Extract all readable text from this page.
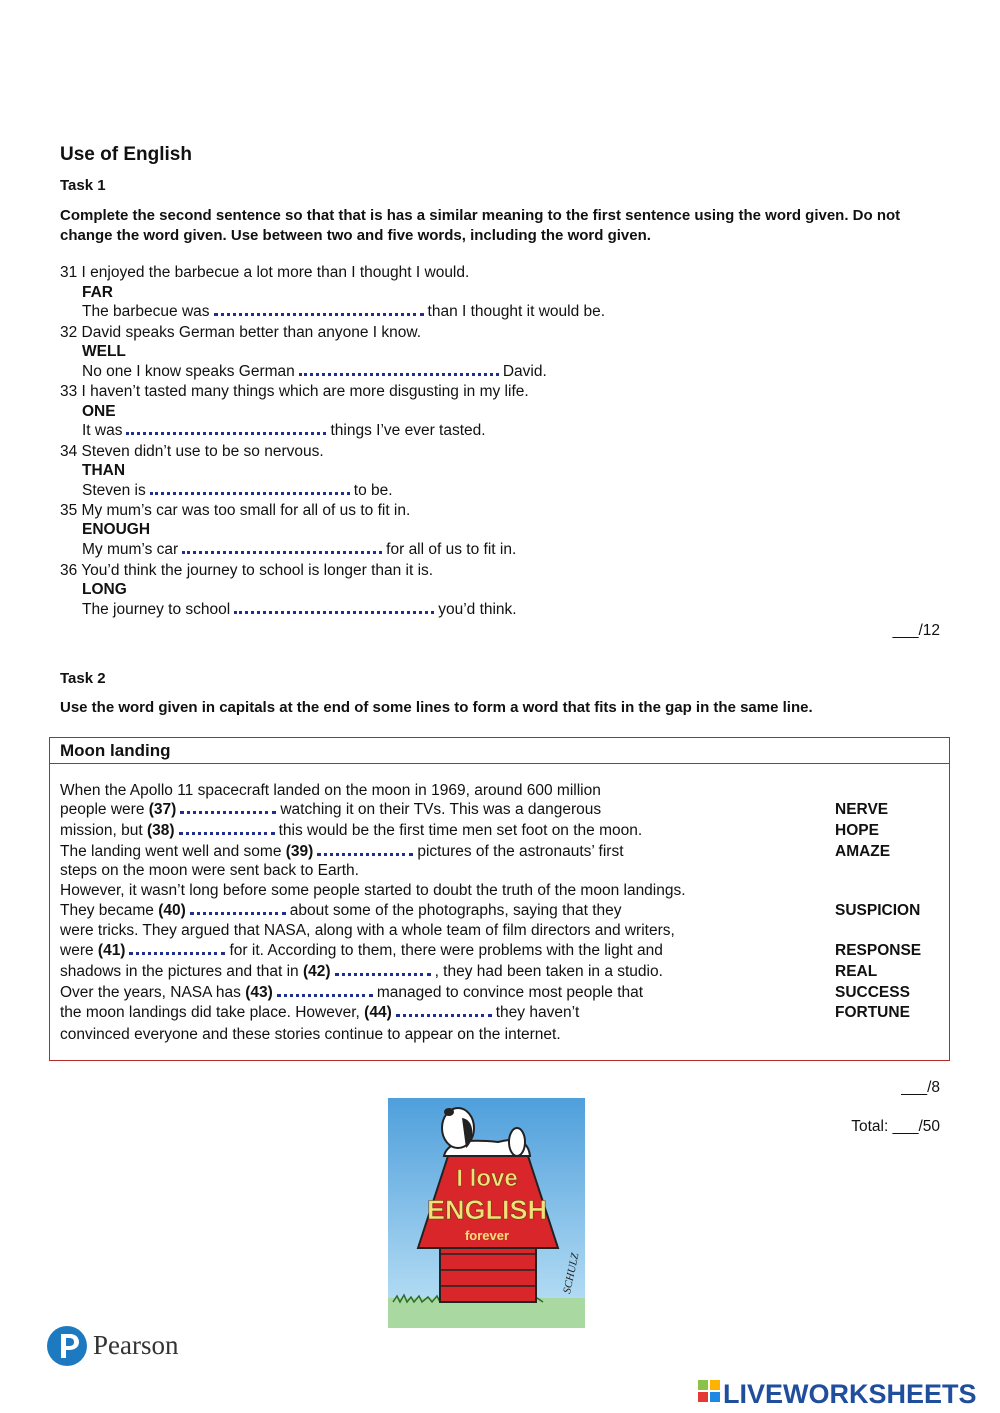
Use of English
Task 1
Complete the second sentence so that that is has a similar meaning to the first sentence using the word given. Do not change the word given. Use between two and five words, including the word given.
31 I enjoyed the barbecue a lot more than I thought I would.
FAR
The barbecue was	than I thought it would be.
32 David speaks German better than anyone I know.
WELL
No one I know speaks German	David.
33 I haven’t tasted many things which are more disgusting in my life.
ONE
It was	things I’ve ever tasted.
34 Steven didn’t use to be so nervous.
THAN
Steven is	to be.
35 My mum’s car was too small for all of us to fit in.
ENOUGH
My mum’s car	for all of us to fit in.
36 You’d think the journey to school is longer than it is.
LONG
The journey to school	you’d think.
___/12
Task 2
Use the word given in capitals at the end of some lines to form a word that fits in the gap in the same line.
Moon landing
When the Apollo 11 spacecraft landed on the moon in 1969, around 600 million
people were (37)	watching it on their TVs. This was a dangerous	NERVE
mission, but (38)	this would be the first time men set foot on the moon.	HOPE
The landing went well and some (39)	pictures of the astronauts’ first	AMAZE
steps on the moon were sent back to Earth.
However, it wasn’t long before some people started to doubt the truth of the moon landings.
They became (40)	about some of the photographs, saying that they	SUSPICION
were tricks. They argued that NASA, along with a whole team of film directors and writers,
were (41)	for it. According to them, there were problems with the light and	RESPONSE
shadows in the pictures and that in (42)	, they had been taken in a studio.	REAL
Over the years, NASA has (43)	managed to convince most people that	SUCCESS
the moon landings did take place. However, (44)	they haven’t	FORTUNE
convinced everyone and these stories continue to appear on the internet.
___/8
Total: ___/50
I love
ENGLISH
forever
SCHULZ
Pearson
LIVEWORKSHEETS
